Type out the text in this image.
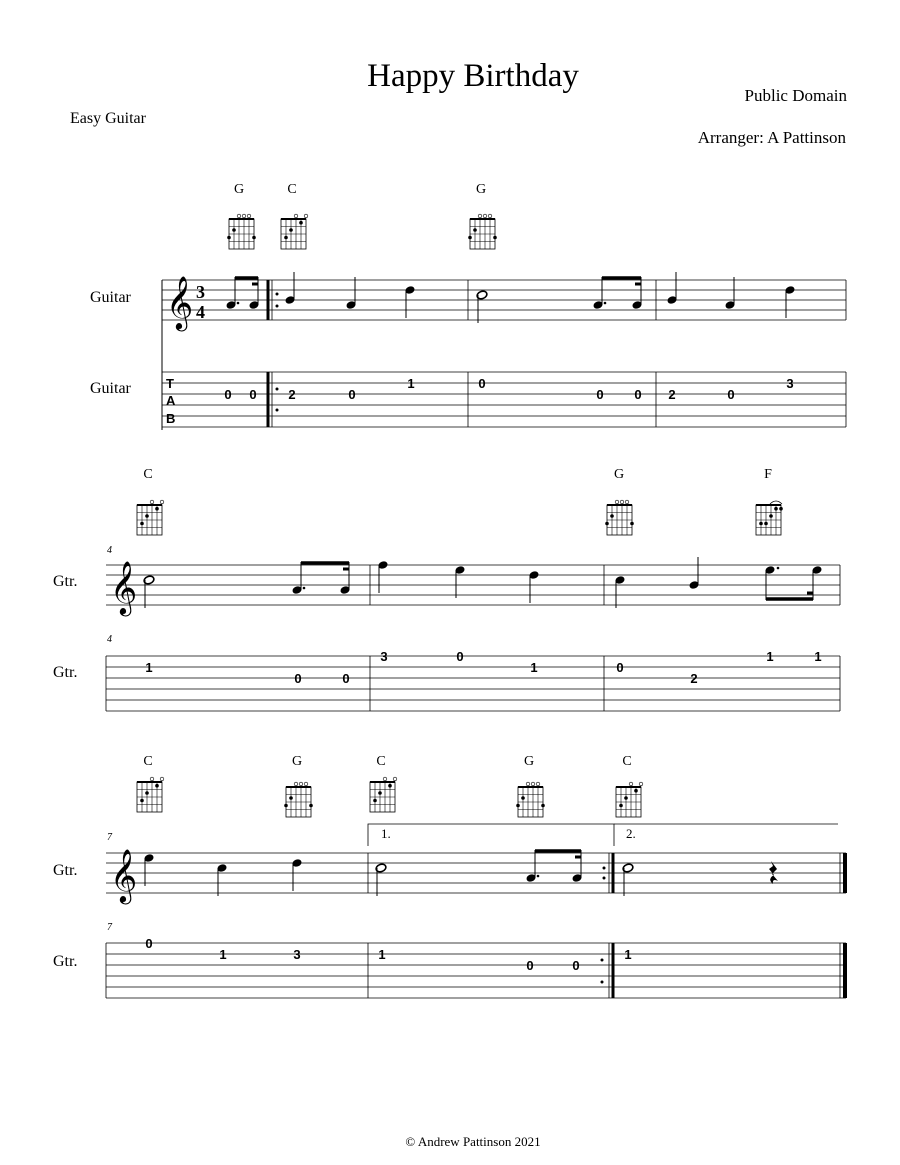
Happy Birthday
Public Domain
Arranger: A Pattinson
Easy Guitar
Guitar
Guitar
G	C	G
𝄞 3
4
T
A
B
0 0 2	0
1	0
0 0 2	0
3
Gtr.
Gtr.
4
4
C	G	F
𝄞
1
0	0
3	0
1	0
2
1	1
Gtr.
Gtr.
7
7
C	G	C	G	C
1.	2.
𝄞
0
1	3	1
0	0
1
© Andrew Pattinson 2021
